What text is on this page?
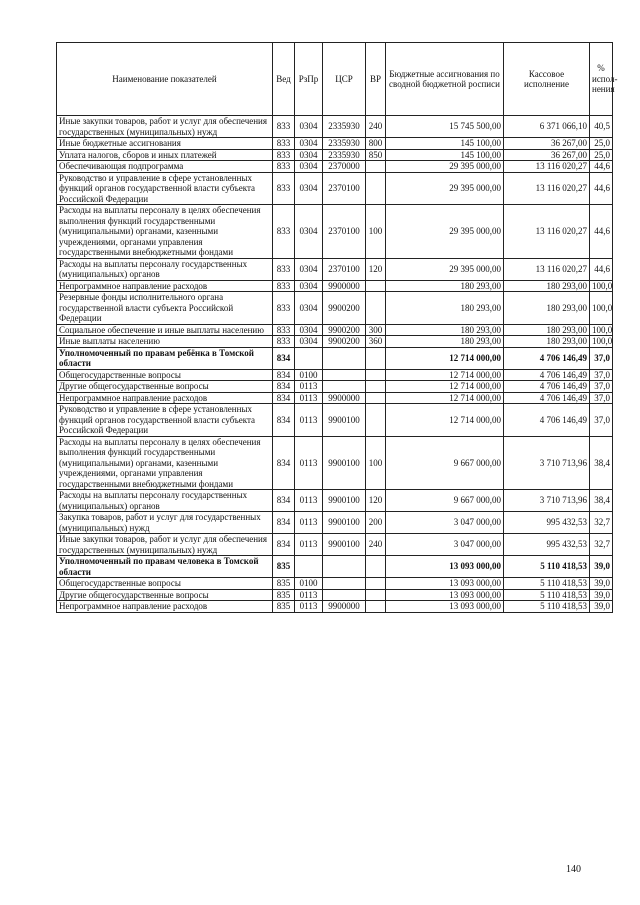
Наименование показателей	Вед	РзПр	ЦСР	ВР	Бюджетные ассигнования по сводной бюджетной росписи	Кассовое исполнение	% испол-нения
Иные закупки товаров, работ и услуг для обеспечения государственных (муниципальных) нужд	833	0304	2335930	240	15 745 500,00	6 371 066,10	40,5
Иные бюджетные ассигнования	833	0304	2335930	800	145 100,00	36 267,00	25,0
Уплата налогов, сборов и иных платежей	833	0304	2335930	850	145 100,00	36 267,00	25,0
Обеспечивающая подпрограмма	833	0304	2370000		29 395 000,00	13 116 020,27	44,6
Руководство и управление в сфере установленных функций органов государственной власти субъекта Российской Федерации	833	0304	2370100		29 395 000,00	13 116 020,27	44,6
Расходы на выплаты персоналу в целях обеспечения выполнения функций государственными (муниципальными) органами, казенными учреждениями, органами управления государственными внебюджетными фондами	833	0304	2370100	100	29 395 000,00	13 116 020,27	44,6
Расходы на выплаты персоналу государственных (муниципальных) органов	833	0304	2370100	120	29 395 000,00	13 116 020,27	44,6
Непрограммное направление расходов	833	0304	9900000		180 293,00	180 293,00	100,0
Резервные фонды исполнительного органа государственной власти субъекта Российской Федерации	833	0304	9900200		180 293,00	180 293,00	100,0
Социальное обеспечение и иные выплаты населению	833	0304	9900200	300	180 293,00	180 293,00	100,0
Иные выплаты населению	833	0304	9900200	360	180 293,00	180 293,00	100,0
Уполномоченный по правам ребёнка в Томской области	834				12 714 000,00	4 706 146,49	37,0
Общегосударственные вопросы	834	0100			12 714 000,00	4 706 146,49	37,0
Другие общегосударственные вопросы	834	0113			12 714 000,00	4 706 146,49	37,0
Непрограммное направление расходов	834	0113	9900000		12 714 000,00	4 706 146,49	37,0
Руководство и управление в сфере установленных функций органов государственной власти субъекта Российской Федерации	834	0113	9900100		12 714 000,00	4 706 146,49	37,0
Расходы на выплаты персоналу в целях обеспечения выполнения функций государственными (муниципальными) органами, казенными учреждениями, органами управления государственными внебюджетными фондами	834	0113	9900100	100	9 667 000,00	3 710 713,96	38,4
Расходы на выплаты персоналу государственных (муниципальных) органов	834	0113	9900100	120	9 667 000,00	3 710 713,96	38,4
Закупка товаров, работ и услуг для государственных (муниципальных) нужд	834	0113	9900100	200	3 047 000,00	995 432,53	32,7
Иные закупки товаров, работ и услуг для обеспечения государственных (муниципальных) нужд	834	0113	9900100	240	3 047 000,00	995 432,53	32,7
Уполномоченный по правам человека в Томской области	835				13 093 000,00	5 110 418,53	39,0
Общегосударственные вопросы	835	0100			13 093 000,00	5 110 418,53	39,0
Другие общегосударственные вопросы	835	0113			13 093 000,00	5 110 418,53	39,0
Непрограммное направление расходов	835	0113	9900000		13 093 000,00	5 110 418,53	39,0
140
